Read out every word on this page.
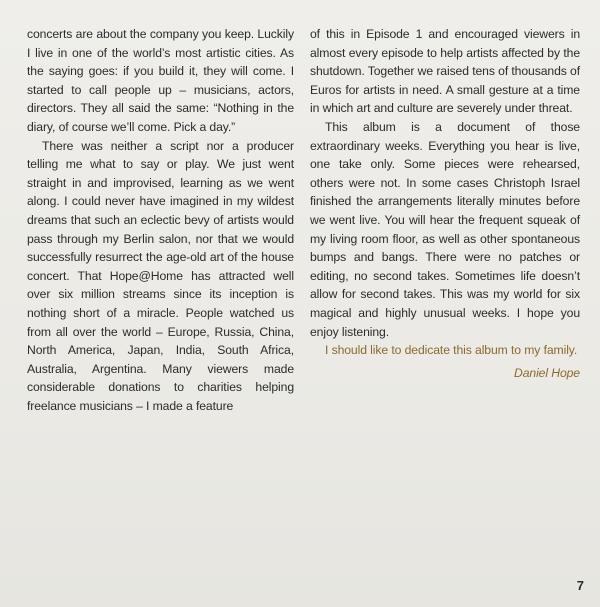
concerts are about the company you keep. Luckily I live in one of the world’s most artistic cities. As the saying goes: if you build it, they will come. I started to call people up – musicians, actors, directors. They all said the same: “Nothing in the diary, of course we’ll come. Pick a day.”

There was neither a script nor a producer telling me what to say or play. We just went straight in and improvised, learning as we went along. I could never have imagined in my wildest dreams that such an eclectic bevy of artists would pass through my Berlin salon, nor that we would successfully resurrect the age-old art of the house concert. That Hope@Home has attracted well over six million streams since its inception is nothing short of a miracle. People watched us from all over the world – Europe, Russia, China, North America, Japan, India, South Africa, Australia, Argentina. Many viewers made considerable donations to charities helping freelance musicians – I made a feature

of this in Episode 1 and encouraged viewers in almost every episode to help artists affected by the shutdown. Together we raised tens of thousands of Euros for artists in need. A small gesture at a time in which art and culture are severely under threat.

This album is a document of those extraordinary weeks. Everything you hear is live, one take only. Some pieces were rehearsed, others were not. In some cases Christoph Israel finished the arrangements literally minutes before we went live. You will hear the frequent squeak of my living room floor, as well as other spontaneous bumps and bangs. There were no patches or editing, no second takes. Sometimes life doesn’t allow for second takes. This was my world for six magical and highly unusual weeks. I hope you enjoy listening.

I should like to dedicate this album to my family.

Daniel Hope

7
